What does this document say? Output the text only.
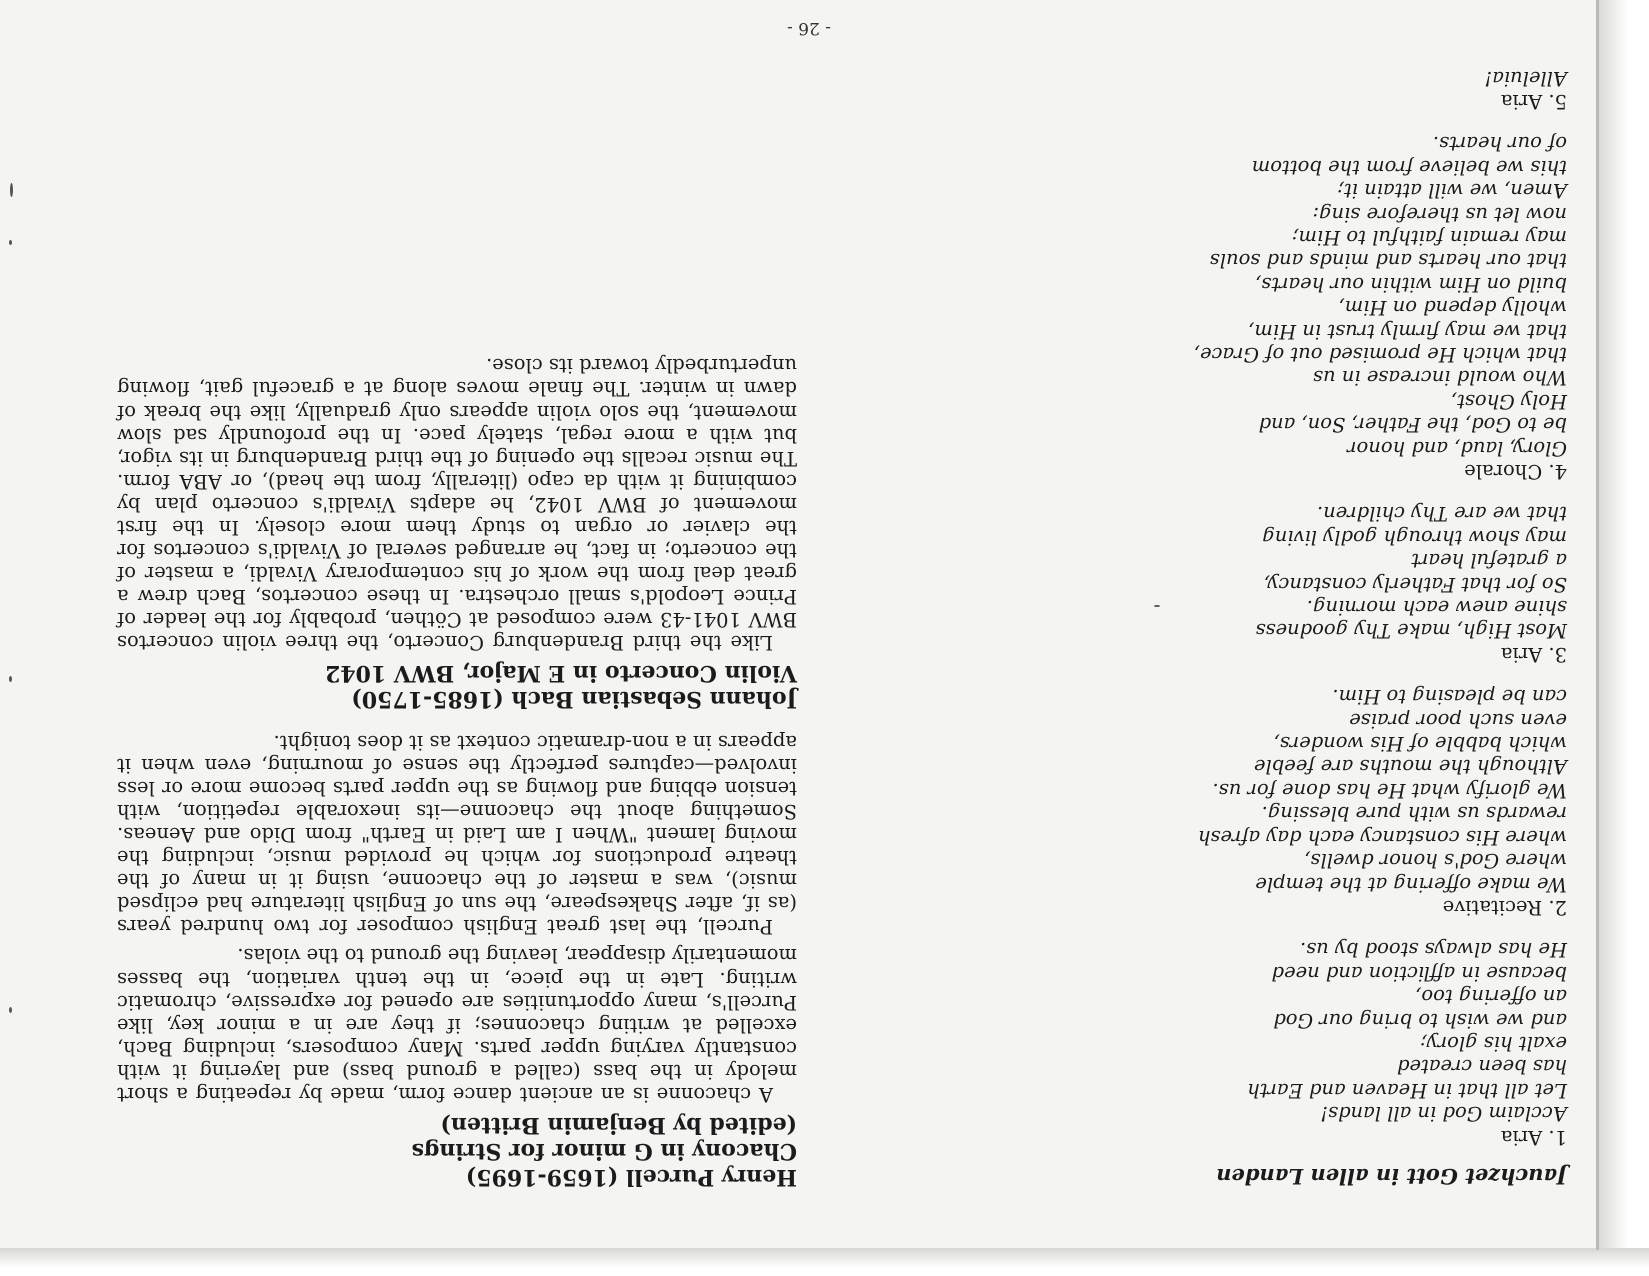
- 26 -

Jauchzet Gott in allen Landen

1. Aria

Acclaim God in all lands!

Let all that in Heaven and Earth

has been created

exalt his glory;

and we wish to bring our God

an offering too,

because in affliction and need

He has always stood by us.

2. Recitative

We make offering at the temple

where God's honor dwells,

where His constancy each day afresh

rewards us with pure blessing.

We glorify what He has done for us.

Although the mouths are feeble

which babble of His wonders,

even such poor praise

can be pleasing to Him.

3. Aria

Most High, make Thy goodness

shine anew each morning.

So for that Fatherly constancy,

a grateful heart

may show through godly living

that we are Thy children.

4. Chorale

Glory, laud, and honor

be to God, the Father, Son, and

Holy Ghost,

Who would increase in us

that which He promised out of Grace,

that we may firmly trust in Him,

wholly depend on Him,

build on Him within our hearts,

that our hearts and minds and souls

may remain faithful to Him;

now let us therefore sing:

Amen, we will attain it;

this we believe from the bottom

of our hearts.

5. Aria

Alleluia!

Henry Purcell (1659-1695)

Chacony in G minor for Strings

(edited by Benjamin Britten)

A chaconne is an ancient dance form, made by repeating a short melody in the bass (called a ground bass) and layering it with constantly varying upper parts. Many composers, including Bach, excelled at writing chaconnes; if they are in a minor key, like Purcell's, many opportunities are opened for expressive, chromatic writing. Late in the piece, in the tenth variation, the basses momentarily disappear, leaving the ground to the violas.

Purcell, the last great English composer for two hundred years (as if, after Shakespeare, the sun of English literature had eclipsed music), was a master of the chaconne, using it in many of the theatre productions for which he provided music, including the moving lament "When I am Laid in Earth" from Dido and Aeneas. Something about the chaconne—its inexorable repetition, with tension ebbing and flowing as the upper parts become more or less involved—captures perfectly the sense of mourning, even when it appears in a non-dramatic context as it does tonight.

Johann Sebastian Bach (1685-1750)

Violin Concerto in E Major, BWV 1042

Like the third Brandenburg Concerto, the three violin concertos BWV 1041-43 were composed at Cöthen, probably for the leader of Prince Leopold's small orchestra. In these concertos, Bach drew a great deal from the work of his contemporary Vivaldi, a master of the concerto; in fact, he arranged several of Vivaldi's concertos for the clavier or organ to study them more closely. In the first movement of BWV 1042, he adapts Vivaldi's concerto plan by combining it with da capo (literally, from the head), or ABA form. The music recalls the opening of the third Brandenburg in its vigor, but with a more regal, stately pace. In the profoundly sad slow movement, the solo violin appears only gradually, like the break of dawn in winter. The finale moves along at a graceful gait, flowing unperturbedly toward its close.
